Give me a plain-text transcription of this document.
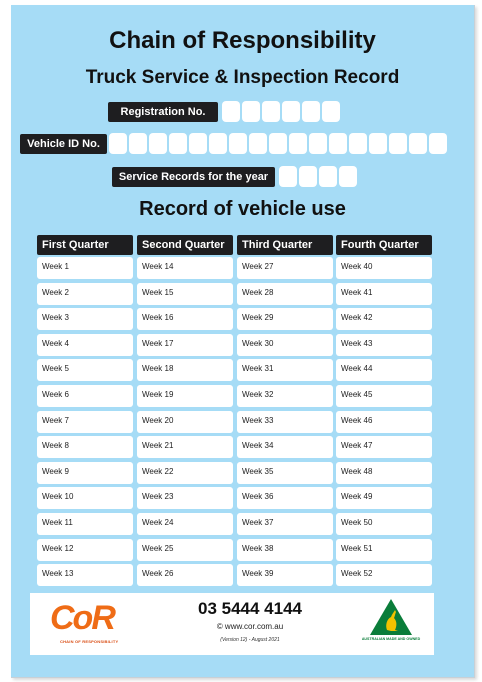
Chain of Responsibility
Truck Service & Inspection Record
Registration No.
Vehicle ID No.
Service Records for the year
Record of vehicle use
First Quarter
Week 1
Week 2
Week 3
Week 4
Week 5
Week 6
Week 7
Week 8
Week 9
Week 10
Week 11
Week 12
Week 13
Second Quarter
Week 14
Week 15
Week 16
Week 17
Week 18
Week 19
Week 20
Week 21
Week 22
Week 23
Week 24
Week 25
Week 26
Third Quarter
Week 27
Week 28
Week 29
Week 30
Week 31
Week 32
Week 33
Week 34
Week 35
Week 36
Week 37
Week 38
Week 39
Fourth Quarter
Week 40
Week 41
Week 42
Week 43
Week 44
Week 45
Week 46
Week 47
Week 48
Week 49
Week 50
Week 51
Week 52
CoR
CHAIN OF RESPONSIBILITY
03 5444 4144
© www.cor.com.au
(Version 12) - August 2021	AUSTRALIAN MADE AND OWNED
